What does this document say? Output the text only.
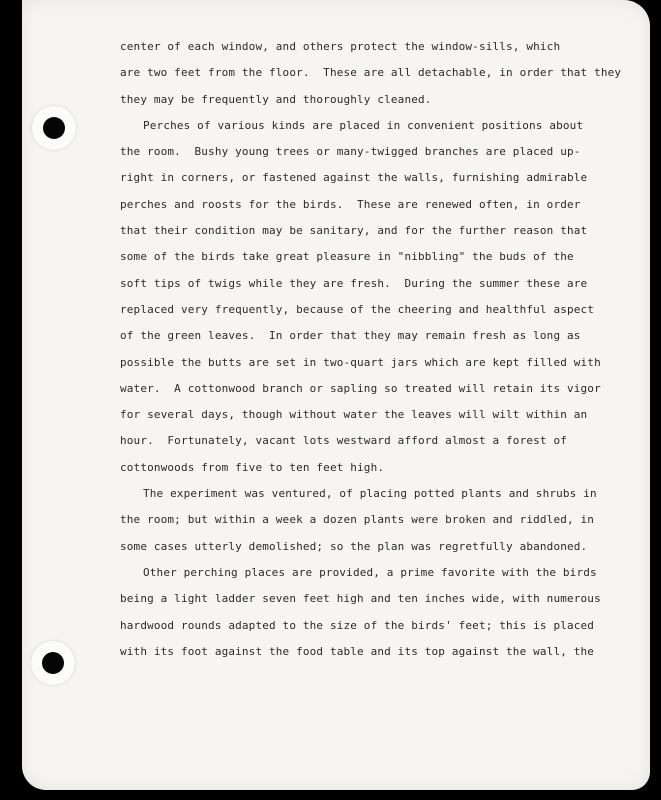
center of each window, and others protect the window-sills, which
are two feet from the floor.  These are all detachable, in order that they
they may be frequently and thoroughly cleaned.
Perches of various kinds are placed in convenient positions about
the room.  Bushy young trees or many-twigged branches are placed up-
right in corners, or fastened against the walls, furnishing admirable
perches and roosts for the birds.  These are renewed often, in order
that their condition may be sanitary, and for the further reason that
some of the birds take great pleasure in "nibbling" the buds of the
soft tips of twigs while they are fresh.  During the summer these are
replaced very frequently, because of the cheering and healthful aspect
of the green leaves.  In order that they may remain fresh as long as
possible the butts are set in two-quart jars which are kept filled with
water.  A cottonwood branch or sapling so treated will retain its vigor
for several days, though without water the leaves will wilt within an
hour.  Fortunately, vacant lots westward afford almost a forest of
cottonwoods from five to ten feet high.
The experiment was ventured, of placing potted plants and shrubs in
the room; but within a week a dozen plants were broken and riddled, in
some cases utterly demolished; so the plan was regretfully abandoned.
Other perching places are provided, a prime favorite with the birds
being a light ladder seven feet high and ten inches wide, with numerous
hardwood rounds adapted to the size of the birds' feet; this is placed
with its foot against the food table and its top against the wall, the
